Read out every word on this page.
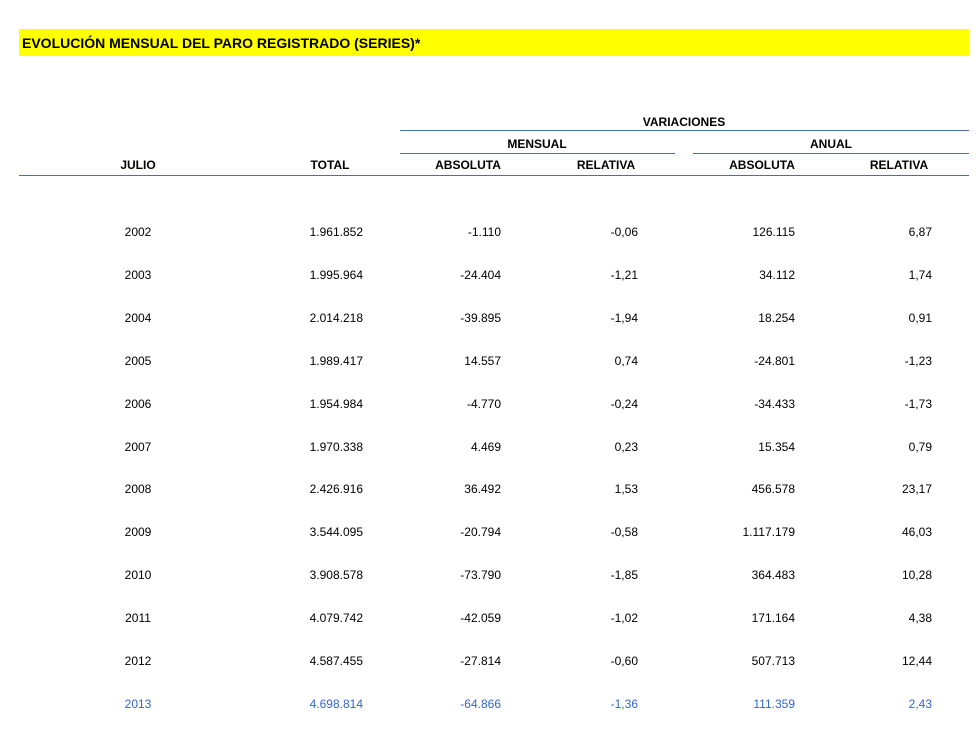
EVOLUCIÓN MENSUAL DEL PARO REGISTRADO (SERIES)*
VARIACIONES
MENSUAL	ANUAL
JULIO	TOTAL	ABSOLUTA	RELATIVA	ABSOLUTA	RELATIVA
2002	1.961.852	-1.110	-0,06	126.115	6,87
2003	1.995.964	-24.404	-1,21	34.112	1,74
2004	2.014.218	-39.895	-1,94	18.254	0,91
2005	1.989.417	14.557	0,74	-24.801	-1,23
2006	1.954.984	-4.770	-0,24	-34.433	-1,73
2007	1.970.338	4.469	0,23	15.354	0,79
2008	2.426.916	36.492	1,53	456.578	23,17
2009	3.544.095	-20.794	-0,58	1.117.179	46,03
2010	3.908.578	-73.790	-1,85	364.483	10,28
2011	4.079.742	-42.059	-1,02	171.164	4,38
2012	4.587.455	-27.814	-0,60	507.713	12,44
2013	4.698.814	-64.866	-1,36	111.359	2,43
